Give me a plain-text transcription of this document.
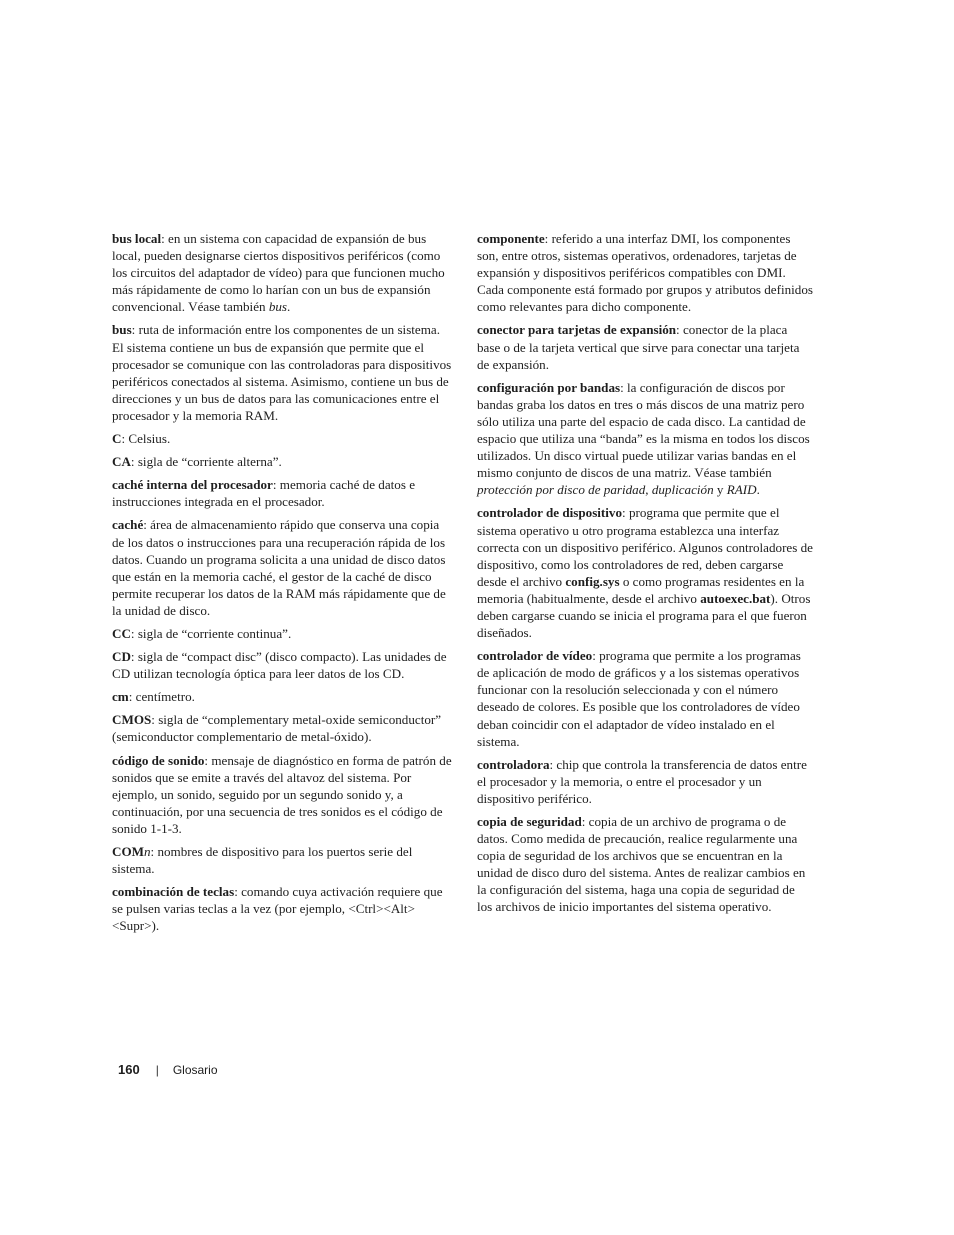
bus local: en un sistema con capacidad de expansión de bus local, pueden designarse ciertos dispositivos periféricos (como los circuitos del adaptador de vídeo) para que funcionen mucho más rápidamente de como lo harían con un bus de expansión convencional. Véase también bus.

bus: ruta de información entre los componentes de un sistema. El sistema contiene un bus de expansión que permite que el procesador se comunique con las controladoras para dispositivos periféricos conectados al sistema. Asimismo, contiene un bus de direcciones y un bus de datos para las comunicaciones entre el procesador y la memoria RAM.

C: Celsius.

CA: sigla de “corriente alterna”.

caché interna del procesador: memoria caché de datos e instrucciones integrada en el procesador.

caché: área de almacenamiento rápido que conserva una copia de los datos o instrucciones para una recuperación rápida de los datos. Cuando un programa solicita a una unidad de disco datos que están en la memoria caché, el gestor de la caché de disco permite recuperar los datos de la RAM más rápidamente que de la unidad de disco.

CC: sigla de “corriente continua”.

CD: sigla de “compact disc” (disco compacto). Las unidades de CD utilizan tecnología óptica para leer datos de los CD.

cm: centímetro.

CMOS: sigla de “complementary metal-oxide semiconductor” (semiconductor complementario de metal-óxido).

código de sonido: mensaje de diagnóstico en forma de patrón de sonidos que se emite a través del altavoz del sistema. Por ejemplo, un sonido, seguido por un segundo sonido y, a continuación, por una secuencia de tres sonidos es el código de sonido 1-1-3.

COMn: nombres de dispositivo para los puertos serie del sistema.

combinación de teclas: comando cuya activación requiere que se pulsen varias teclas a la vez (por ejemplo, <Ctrl><Alt><Supr>).

componente: referido a una interfaz DMI, los componentes son, entre otros, sistemas operativos, ordenadores, tarjetas de expansión y dispositivos periféricos compatibles con DMI. Cada componente está formado por grupos y atributos definidos como relevantes para dicho componente.

conector para tarjetas de expansión: conector de la placa base o de la tarjeta vertical que sirve para conectar una tarjeta de expansión.

configuración por bandas: la configuración de discos por bandas graba los datos en tres o más discos de una matriz pero sólo utiliza una parte del espacio de cada disco. La cantidad de espacio que utiliza una “banda” es la misma en todos los discos utilizados. Un disco virtual puede utilizar varias bandas en el mismo conjunto de discos de una matriz. Véase también protección por disco de paridad, duplicación y RAID.

controlador de dispositivo: programa que permite que el sistema operativo u otro programa establezca una interfaz correcta con un dispositivo periférico. Algunos controladores de dispositivo, como los controladores de red, deben cargarse desde el archivo config.sys o como programas residentes en la memoria (habitualmente, desde el archivo autoexec.bat). Otros deben cargarse cuando se inicia el programa para el que fueron diseñados.

controlador de vídeo: programa que permite a los programas de aplicación de modo de gráficos y a los sistemas operativos funcionar con la resolución seleccionada y con el número deseado de colores. Es posible que los controladores de vídeo deban coincidir con el adaptador de vídeo instalado en el sistema.

controladora: chip que controla la transferencia de datos entre el procesador y la memoria, o entre el procesador y un dispositivo periférico.

copia de seguridad: copia de un archivo de programa o de datos. Como medida de precaución, realice regularmente una copia de seguridad de los archivos que se encuentran en la unidad de disco duro del sistema. Antes de realizar cambios en la configuración del sistema, haga una copia de seguridad de los archivos de inicio importantes del sistema operativo.

160 | Glosario
